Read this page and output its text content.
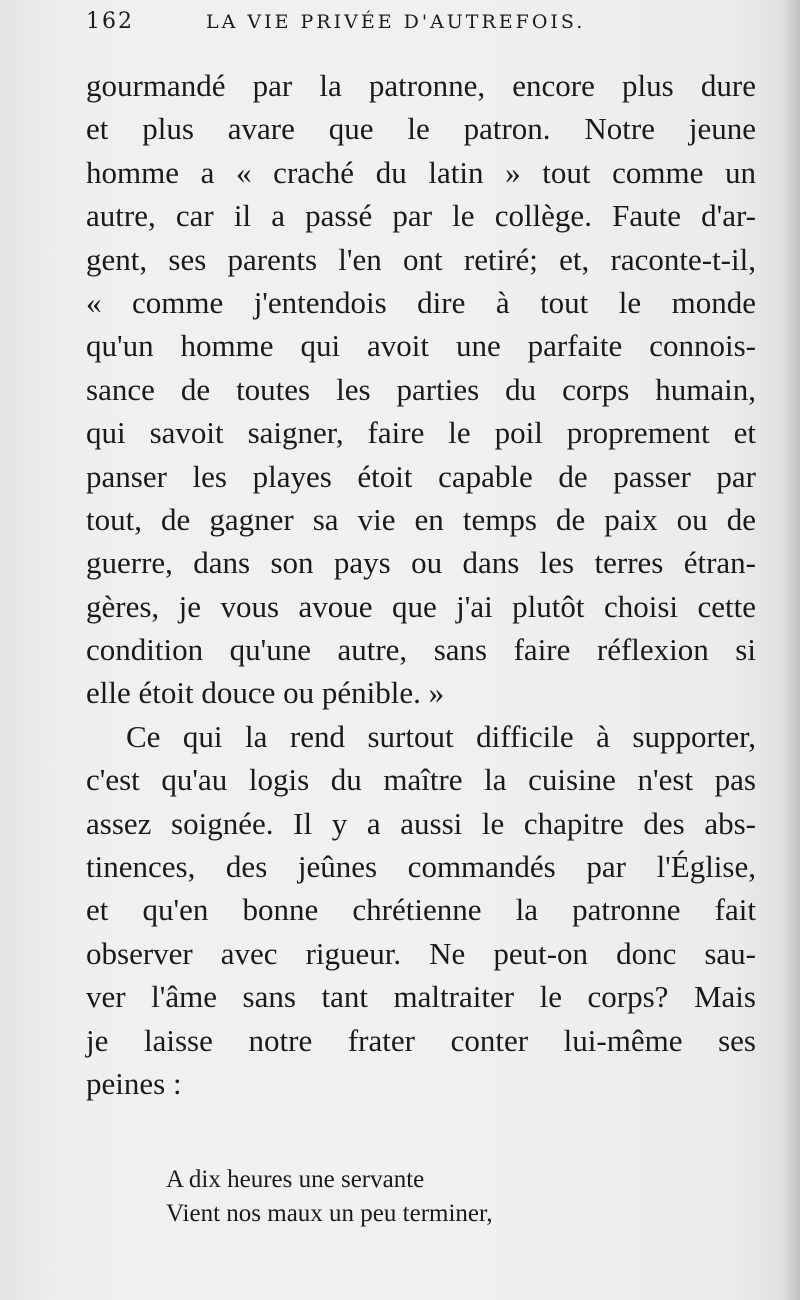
162	LA VIE PRIVÉE D'AUTREFOIS.
gourmandé par la patronne, encore plus dure
et plus avare que le patron. Notre jeune
homme a « craché du latin » tout comme un
autre, car il a passé par le collège. Faute d'ar-
gent, ses parents l'en ont retiré; et, raconte-t-il,
« comme j'entendois dire à tout le monde
qu'un homme qui avoit une parfaite connois-
sance de toutes les parties du corps humain,
qui savoit saigner, faire le poil proprement et
panser les playes étoit capable de passer par
tout, de gagner sa vie en temps de paix ou de
guerre, dans son pays ou dans les terres étran-
gères, je vous avoue que j'ai plutôt choisi cette
condition qu'une autre, sans faire réflexion si
elle étoit douce ou pénible. »
Ce qui la rend surtout difficile à supporter,
c'est qu'au logis du maître la cuisine n'est pas
assez soignée. Il y a aussi le chapitre des abs-
tinences, des jeûnes commandés par l'Église,
et qu'en bonne chrétienne la patronne fait
observer avec rigueur. Ne peut-on donc sau-
ver l'âme sans tant maltraiter le corps? Mais
je laisse notre frater conter lui-même ses
peines :
A dix heures une servante
Vient nos maux un peu terminer,
